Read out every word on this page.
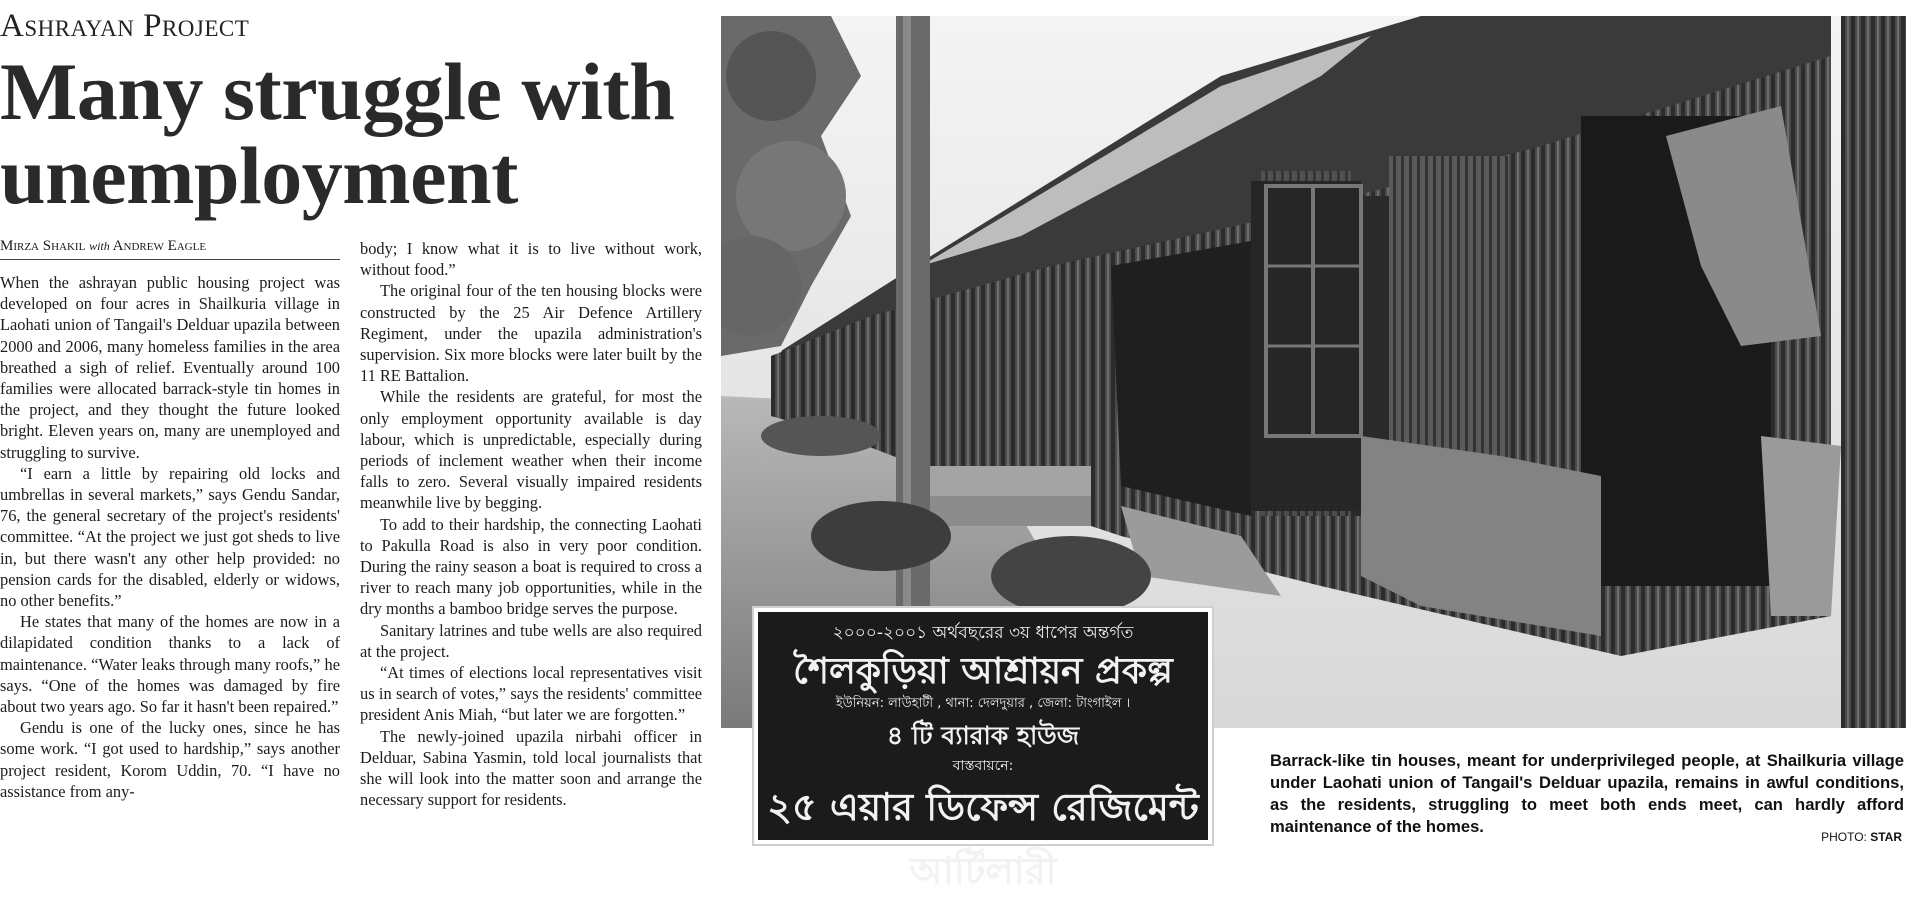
Ashrayan Project
Many struggle with unemployment
Mirza Shakil with Andrew Eagle

When the ashrayan public housing project was developed on four acres in Shailkuria village in Laohati union of Tangail's Delduar upazila between 2000 and 2006, many homeless families in the area breathed a sigh of relief. Eventually around 100 families were allocated barrack-style tin homes in the project, and they thought the future looked bright. Eleven years on, many are unemployed and struggling to survive.

“I earn a little by repairing old locks and umbrellas in several markets,” says Gendu Sandar, 76, the general secretary of the project's residents' committee. “At the project we just got sheds to live in, but there wasn't any other help provided: no pension cards for the disabled, elderly or widows, no other benefits.”

He states that many of the homes are now in a dilapidated condition thanks to a lack of maintenance. “Water leaks through many roofs,” he says. “One of the homes was damaged by fire about two years ago. So far it hasn't been repaired.”

Gendu is one of the lucky ones, since he has some work. “I got used to hardship,” says another project resident, Korom Uddin, 70. “I have no assistance from any-

body; I know what it is to live without work, without food.”

The original four of the ten housing blocks were constructed by the 25 Air Defence Artillery Regiment, under the upazila administration's supervision. Six more blocks were later built by the 11 RE Battalion.

While the residents are grateful, for most the only employment opportunity available is day labour, which is unpredictable, especially during periods of inclement weather when their income falls to zero. Several visually impaired residents meanwhile live by begging.

To add to their hardship, the connecting Laohati to Pakulla Road is also in very poor condition. During the rainy season a boat is required to cross a river to reach many job opportunities, while in the dry months a bamboo bridge serves the purpose.

Sanitary latrines and tube wells are also required at the project.

“At times of elections local representatives visit us in search of votes,” says the residents' committee president Anis Miah, “but later we are forgotten.”

The newly-joined upazila nirbahi officer in Delduar, Sabina Yasmin, told local journalists that she will look into the matter soon and arrange the necessary support for residents.

২০০০-২০০১ অর্থবছরের ৩য় ধাপের অন্তর্গত
শৈলকুড়িয়া আশ্রায়ন প্রকল্প
ইউনিয়ন: লাউহাটী , থানা: দেলদুয়ার , জেলা: টাংগাইল ।
৪ টি ব্যারাক হাউজ
বাস্তবায়নে:
২৫ এয়ার ডিফেন্স রেজিমেন্ট আর্টিলারী
Barrack-like tin houses, meant for underprivileged people, at Shailkuria village under Laohati union of Tangail's Delduar upazila, remains in awful conditions, as the residents, struggling to meet both ends meet, can hardly afford maintenance of the homes.
PHOTO: STAR
